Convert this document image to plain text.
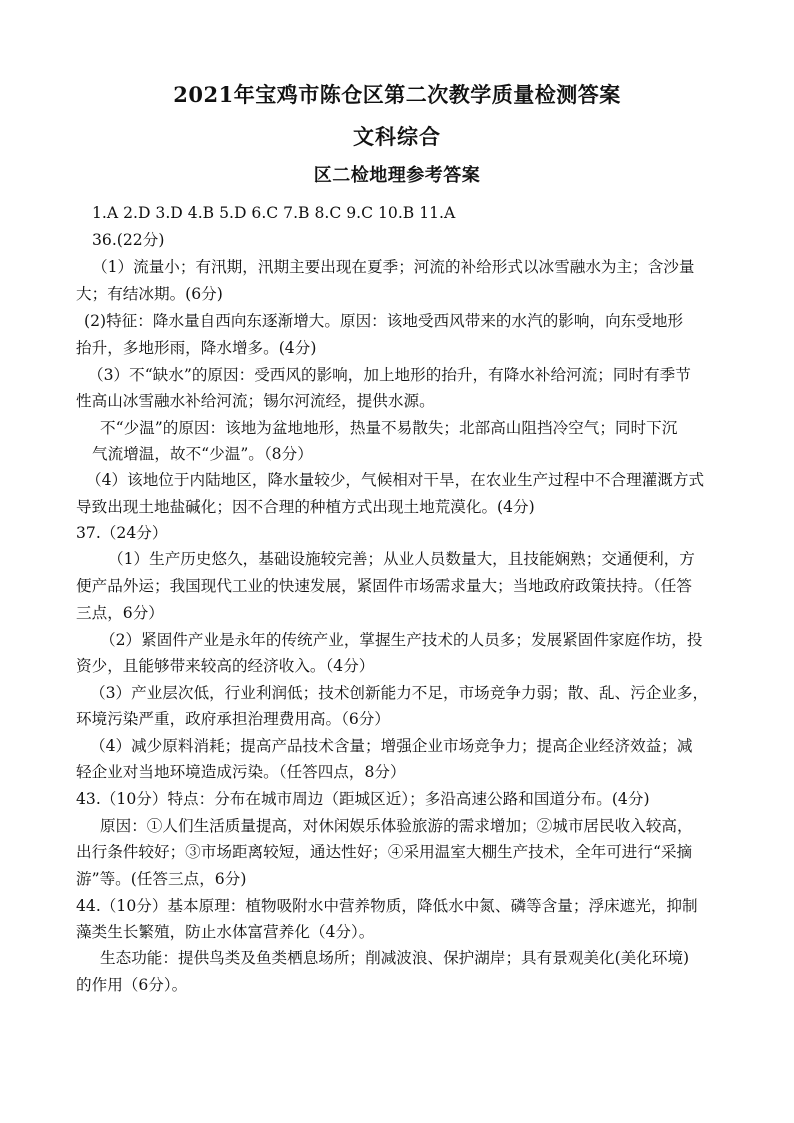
2021年宝鸡市陈仓区第二次教学质量检测答案
文科综合
区二检地理参考答案
1.A 2.D 3.D 4.B 5.D 6.C 7.B 8.C 9.C 10.B 11.A
36.(22分)
（1）流量小；有汛期，汛期主要出现在夏季；河流的补给形式以冰雪融水为主；含沙量
大；有结冰期。(6分)
(2)特征：降水量自西向东逐渐增大。原因：该地受西风带来的水汽的影响，向东受地形
抬升，多地形雨，降水增多。(4分)
（3）不“缺水”的原因：受西风的影响，加上地形的抬升，有降水补给河流；同时有季节
性高山冰雪融水补给河流；锡尔河流经，提供水源。
不“少温”的原因：该地为盆地地形，热量不易散失；北部高山阻挡冷空气；同时下沉
气流增温，故不“少温”。（8分）
（4）该地位于内陆地区，降水量较少，气候相对干旱，在农业生产过程中不合理灌溉方式
导致出现土地盐碱化；因不合理的种植方式出现土地荒漠化。(4分)
37.（24分）
（1）生产历史悠久，基础设施较完善；从业人员数量大，且技能娴熟；交通便利，方
便产品外运；我国现代工业的快速发展，紧固件市场需求量大；当地政府政策扶持。（任答
三点，6分）
（2）紧固件产业是永年的传统产业，掌握生产技术的人员多；发展紧固件家庭作坊，投
资少，且能够带来较高的经济收入。（4分）
（3）产业层次低，行业利润低；技术创新能力不足，市场竞争力弱；散、乱、污企业多，
环境污染严重，政府承担治理费用高。（6分）
（4）减少原料消耗；提高产品技术含量；增强企业市场竞争力；提高企业经济效益；减
轻企业对当地环境造成污染。（任答四点，8分）
43.（10分）特点：分布在城市周边（距城区近）；多沿高速公路和国道分布。(4分)
原因：①人们生活质量提高，对休闲娱乐体验旅游的需求增加；②城市居民收入较高，
出行条件较好；③市场距离较短，通达性好；④采用温室大棚生产技术，全年可进行“采摘
游”等。(任答三点，6分)
44.（10分）基本原理：植物吸附水中营养物质，降低水中氮、磷等含量；浮床遮光，抑制
藻类生长繁殖，防止水体富营养化（4分）。
生态功能：提供鸟类及鱼类栖息场所；削减波浪、保护湖岸；具有景观美化(美化环境)
的作用（6分）。
